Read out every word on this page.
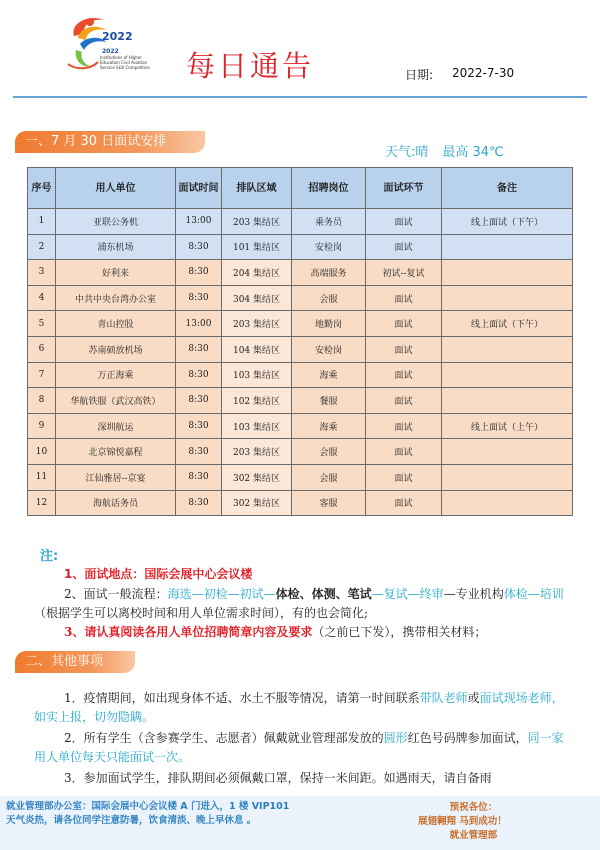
2022
2022
Institutions of Higher Education Civil Aviation Service Skill Competition	每日通告	日期: 2022-7-30
一、7 月 30 日面试安排
天气:晴 最高 34℃
序号	用人单位	面试时间	排队区域	招聘岗位	面试环节	备注
1	亚联公务机	13:00	203 集结区	乘务员	面试	线上面试（下午）
2	浦东机场	8:30	101 集结区	安检岗	面试	
3	好利来	8:30	204 集结区	高端服务	初试--复试	
4	中共中央台湾办公室	8:30	304 集结区	会服	面试	
5	青山控股	13:00	203 集结区	地勤岗	面试	线上面试（下午）
6	苏南硕放机场	8:30	104 集结区	安检岗	面试	
7	万正海乘	8:30	103 集结区	海乘	面试	
8	华航铁服（武汉高铁）	8:30	102 集结区	餐服	面试	
9	深圳航运	8:30	103 集结区	海乘	面试	线上面试（上午）
10	北京锦悦嘉程	8:30	203 集结区	会服	面试	
11	江仙雅居--京宴	8:30	302 集结区	会服	面试	
12	海航话务员	8:30	302 集结区	客服	面试	
注:
1、面试地点：国际会展中心会议楼
2、面试一般流程：海选—初检—初试—体检、体测、笔试—复试—终审—专业机构体检—培训（根据学生可以离校时间和用人单位需求时间），有的也会简化;
3、请认真阅读各用人单位招聘简章内容及要求（之前已下发），携带相关材料；
二、其他事项
1．疫情期间，如出现身体不适、水土不服等情况，请第一时间联系带队老师或面试现场老师，如实上报，切勿隐瞒。
2．所有学生（含参赛学生、志愿者）佩戴就业管理部发放的圆形红色号码牌参加面试，同一家用人单位每天只能面试一次。
3．参加面试学生，排队期间必须佩戴口罩，保持一米间距。如遇雨天，请自备雨
就业管理部办公室：国际会展中心会议楼 A 门进入，1 楼 VIP101
天气炎热，请各位同学注意防暑，饮食清淡、晚上早休息 。
预祝各位：
展翅翱翔 马到成功！
就业管理部
